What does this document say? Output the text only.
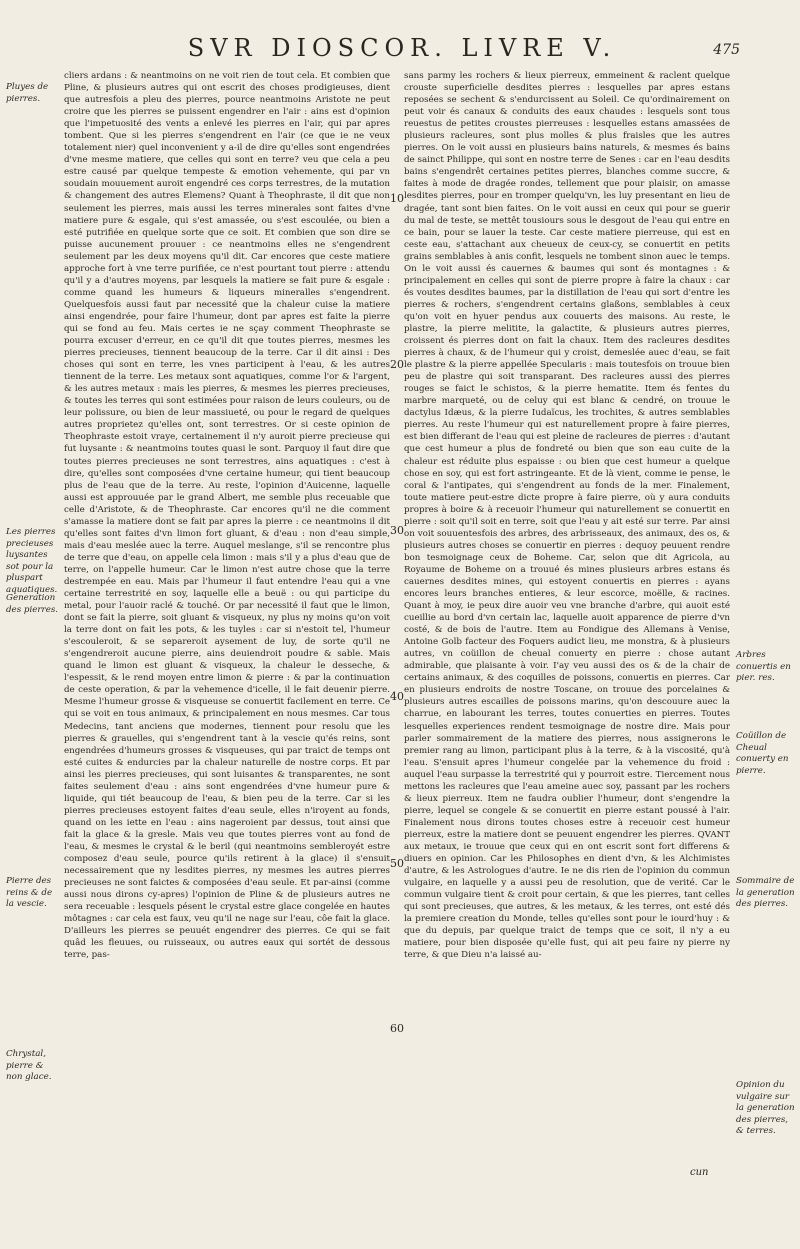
SVR DIOSCOR. LIVRE V.	475
Pluyes de pierres.
Les pierres precieuses luysantes sot pour la pluspart aquatiques.
Generation des pierres.
Pierre des reins & de la vescie.
Chrystal, pierre & non glace.
Arbres conuertis en pier. res.
Coüillon de Cheual conuerty en pierre.
Sommaire de la generation des pierres.
Opinion du vulgaire sur la generation des pierres, & terres.
10
20
30
40
50
60

cliers ardans : & neantmoins on ne voit rien de tout cela. Et combien que Pline, & plusieurs autres qui ont escrit des choses prodigieuses, dient que autresfois a pleu des pierres, pource neantmoins Aristote ne peut croire que les pierres se puissent engendrer en l'air : ains est d'opinion que l'impetuosité des vents a enlevé les pierres en l'air, qui par apres tombent. Que si les pierres s'engendrent en l'air (ce que ie ne veux totalement nier) quel inconvenient y a-il de dire qu'elles sont engendrées d'vne mesme matiere, que celles qui sont en terre? veu que cela a peu estre causé par quelque tempeste & emotion vehemente, qui par vn soudain mouuement auroit engendré ces corps terrestres, de la mutation & changement des autres Elemens? Quant à Theophraste, il dit que non seulement les pierres, mais aussi les terres minerales sont faites d'vne matiere pure & esgale, qui s'est amassée, ou s'est escoulée, ou bien a esté putrifiée en quelque sorte que ce soit. Et combien que son dire se puisse aucunement prouuer : ce neantmoins elles ne s'engendrent seulement par les deux moyens qu'il dit. Car encores que ceste matiere approche fort à vne terre purifiée, ce n'est pourtant tout pierre : attendu qu'il y a d'autres moyens, par lesquels la matiere se fait pure & esgale : comme quand les humeurs & liqueurs mineralles s'engendrent. Quelquesfois aussi faut par necessité que la chaleur cuise la matiere ainsi engendrée, pour faire l'humeur, dont par apres est faite la pierre qui se fond au feu. Mais certes ie ne sçay comment Theophraste se pourra excuser d'erreur, en ce qu'il dit que toutes pierres, mesmes les pierres precieuses, tiennent beaucoup de la terre. Car il dit ainsi : Des choses qui sont en terre, les vnes participent à l'eau, & les autres tiennent de la terre. Les metaux sont aquatiques, comme l'or & l'argent, & les autres metaux : mais les pierres, & mesmes les pierres precieuses, & toutes les terres qui sont estimées pour raison de leurs couleurs, ou de leur polissure, ou bien de leur massiueté, ou pour le regard de quelques autres proprietez qu'elles ont, sont terrestres. Or si ceste opinion de Theophraste estoit vraye, certainement il n'y auroit pierre precieuse qui fut luysante : & neantmoins toutes quasi le sont. Parquoy il faut dire que toutes pierres precieuses ne sont terrestres, ains aquatiques : c'est à dire, qu'elles sont composées d'vne certaine humeur, qui tient beaucoup plus de l'eau que de la terre. Au reste, l'opinion d'Auicenne, laquelle aussi est approuuée par le grand Albert, me semble plus receuable que celle d'Aristote, & de Theophraste. Car encores qu'il ne die comment s'amasse la matiere dont se fait par apres la pierre : ce neantmoins il dit qu'elles sont faites d'vn limon fort gluant, & d'eau : non d'eau simple, mais d'eau meslée auec la terre. Auquel meslange, s'il se rencontre plus de terre que d'eau, on appelle cela limon : mais s'il y a plus d'eau que de terre, on l'appelle humeur. Car le limon n'est autre chose que la terre destrempée en eau. Mais par l'humeur il faut entendre l'eau qui a vne certaine terrestrité en soy, laquelle elle a beuë : ou qui participe du metal, pour l'auoir raclé & touché. Or par necessité il faut que le limon, dont se fait la pierre, soit gluant & visqueux, ny plus ny moins qu'on voit la terre dont on fait les pots, & les tuyles : car si n'estoit tel, l'humeur s'escouleroit, & se separeroit aysement de luy, de sorte qu'il ne s'engendreroit aucune pierre, ains deuiendroit poudre & sable. Mais quand le limon est gluant & visqueux, la chaleur le desseche, & l'espessit, & le rend moyen entre limon & pierre : & par la continuation de ceste operation, & par la vehemence d'icelle, il le fait deuenir pierre. Mesme l'humeur grosse & visqueuse se conuertit facilement en terre. Ce qui se voit en tous animaux, & principalement en nous mesmes. Car tous Medecins, tant anciens que modernes, tiennent pour resolu que les pierres & grauelles, qui s'engendrent tant à la vescie qu'és reins, sont engendrées d'humeurs grosses & visqueuses, qui par traict de temps ont esté cuites & endurcies par la chaleur naturelle de nostre corps. Et par ainsi les pierres precieuses, qui sont luisantes & transparentes, ne sont faites seulement d'eau : ains sont engendrées d'vne humeur pure & liquide, qui tiét beaucoup de l'eau, & bien peu de la terre. Car si les pierres precieuses estoyent faites d'eau seule, elles n'iroyent au fonds, quand on les iette en l'eau : ains nageroient par dessus, tout ainsi que fait la glace & la gresle. Mais veu que toutes pierres vont au fond de l'eau, & mesmes le crystal & le beril (qui neantmoins sembleroyét estre composez d'eau seule, pource qu'ils retirent à la glace) il s'ensuit necessairement que ny lesdites pierres, ny mesmes les autres pierres precieuses ne sont faictes & composées d'eau seule. Et par-ainsi (comme aussi nous dirons cy-apres) l'opinion de Pline & de plusieurs autres ne sera receuable : lesquels pésent le crystal estre glace congelée en hautes môtagnes : car cela est faux, veu qu'il ne nage sur l'eau, côe fait la glace. D'ailleurs les pierres se peuuét engendrer des pierres. Ce qui se fait quâd les fleuues, ou ruisseaux, ou autres eaux qui sortét de dessous terre, pas-

sans parmy les rochers & lieux pierreux, emmeinent & raclent quelque crouste superficielle desdites pierres : lesquelles par apres estans reposées se sechent & s'endurcissent au Soleil. Ce qu'ordinairement on peut voir és canaux & conduits des eaux chaudes : lesquels sont tous reuestus de petites croustes pierreuses : lesquelles estans amassées de plusieurs racleures, sont plus molles & plus fraisles que les autres pierres. On le voit aussi en plusieurs bains naturels, & mesmes és bains de sainct Philippe, qui sont en nostre terre de Senes : car en l'eau desdits bains s'engendrêt certaines petites pierres, blanches comme succre, & faites à mode de dragée rondes, tellement que pour plaisir, on amasse lesdites pierres, pour en tromper quelqu'vn, les luy presentant en lieu de dragée, tant sont bien faites. On le voit aussi en ceux qui pour se guerir du mal de teste, se mettêt tousiours sous le desgout de l'eau qui entre en ce bain, pour se lauer la teste. Car ceste matiere pierreuse, qui est en ceste eau, s'attachant aux cheueux de ceux-cy, se conuertit en petits grains semblables à anis confit, lesquels ne tombent sinon auec le temps. On le voit aussi és cauernes & baumes qui sont és montagnes : & principalement en celles qui sont de pierre propre à faire la chaux : car és voutes desdites baumes, par la distillation de l'eau qui sort d'entre les pierres & rochers, s'engendrent certains glaßons, semblables à ceux qu'on voit en hyuer pendus aux couuerts des maisons. Au reste, le plastre, la pierre melitite, la galactite, & plusieurs autres pierres, croissent és pierres dont on fait la chaux. Item des racleures desdites pierres à chaux, & de l'humeur qui y croist, demeslée auec d'eau, se fait le plastre & la pierre appellée Specularis : mais toutesfois on trouue bien peu de plastre qui soit transparant. Des racleures aussi des pierres rouges se faict le schistos, & la pierre hematite. Item és fentes du marbre marqueté, ou de celuy qui est blanc & cendré, on trouue le dactylus Idæus, & la pierre Iudaïcus, les trochites, & autres semblables pierres. Au reste l'humeur qui est naturellement propre à faire pierres, est bien differant de l'eau qui est pleine de racleures de pierres : d'autant que cest humeur a plus de fondreté ou bien que son eau cuite de la chaleur est réduite plus espaisse : ou bien que cest humeur a quelque chose en soy, qui est fort astringeante. Et de là vient, comme ie pense, le coral & l'antipates, qui s'engendrent au fonds de la mer. Finalement, toute matiere peut-estre dicte propre à faire pierre, où y aura conduits propres à boire & à receuoir l'humeur qui naturellement se conuertit en pierre : soit qu'il soit en terre, soit que l'eau y ait esté sur terre. Par ainsi on voit souuentesfois des arbres, des arbrisseaux, des animaux, des os, & plusieurs autres choses se conuertir en pierres : dequoy peuuent rendre bon tesmoignage ceux de Boheme. Car, selon que dit Agricola, au Royaume de Boheme on a trouué és mines plusieurs arbres estans és cauernes desdites mines, qui estoyent conuertis en pierres : ayans encores leurs branches entieres, & leur escorce, moëlle, & racines. Quant à moy, ie peux dire auoir veu vne branche d'arbre, qui auoit esté cueillie au bord d'vn certain lac, laquelle auoit apparence de pierre d'vn costé, & de bois de l'autre. Item au Fondigue des Allemans à Venise, Antoine Golb facteur des Foquers audict lieu, me monstra, & à plusieurs autres, vn coüillon de cheual conuerty en pierre : chose autant admirable, que plaisante à voir. I'ay veu aussi des os & de la chair de certains animaux, & des coquilles de poissons, conuertis en pierres. Car en plusieurs endroits de nostre Toscane, on trouue des porcelaines & plusieurs autres escailles de poissons marins, qu'on descouure auec la charrue, en labourant les terres, toutes conuerties en pierres. Toutes lesquelles experiences rendent tesmoignage de nostre dire. Mais pour parler sommairement de la matiere des pierres, nous assignerons le premier rang au limon, participant plus à la terre, & à la viscosité, qu'à l'eau. S'ensuit apres l'humeur congelée par la vehemence du froid : auquel l'eau surpasse la terrestrité qui y pourroit estre. Tiercement nous mettons les racleures que l'eau ameine auec soy, passant par les rochers & lieux pierreux. Item ne faudra oublier l'humeur, dont s'engendre la pierre, lequel se congele & se conuertit en pierre estant poussé à l'air. Finalement nous dirons toutes choses estre à receuoir cest humeur pierreux, estre la matiere dont se peuuent engendrer les pierres. QVANT aux metaux, ie trouue que ceux qui en ont escrit sont fort differens & diuers en opinion. Car les Philosophes en dient d'vn, & les Alchimistes d'autre, & les Astrologues d'autre. Ie ne dis rien de l'opinion du commun vulgaire, en laquelle y a aussi peu de resolution, que de verité. Car le commun vulgaire tient & croit pour certain, & que les pierres, tant celles qui sont precieuses, que autres, & les metaux, & les terres, ont esté dés la premiere creation du Monde, telles qu'elles sont pour le iourd'huy : & que du depuis, par quelque traict de temps que ce soit, il n'y a eu matiere, pour bien disposée qu'elle fust, qui ait peu faire ny pierre ny terre, & que Dieu n'a laissé au-

cun
